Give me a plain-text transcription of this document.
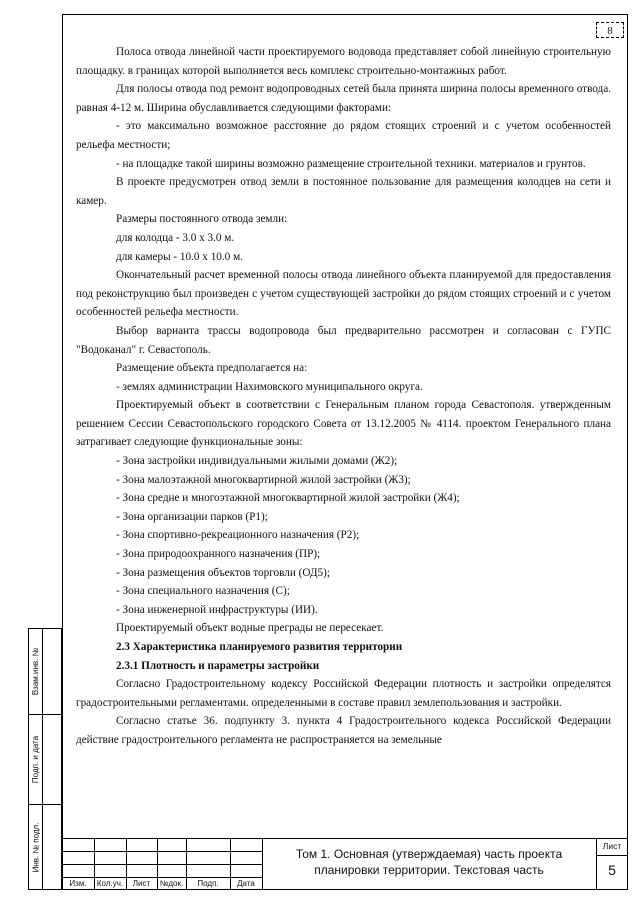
8

Полоса отвода линейной части проектируемого водовода представляет собой линейную строительную площадку. в границах которой выполняется весь комплекс строительно-монтажных работ.

Для полосы отвода под ремонт водопроводных сетей была принята ширина полосы временного отвода. равная 4-12 м. Ширина обуславливается следующими факторами:

- это максимально возможное расстояние до рядом стоящих строений и с учетом особенностей рельефа местности;

- на площадке такой ширины возможно размещение строительной техники. материалов и грунтов.

В проекте предусмотрен отвод земли в постоянное пользование для размещения колодцев на сети и камер.

Размеры постоянного отвода земли:

для колодца - 3.0 х 3.0 м.

для камеры - 10.0 х 10.0 м.

Окончательный расчет временной полосы отвода линейного объекта планируемой для предоставления под реконструкцию был произведен с учетом существующей застройки до рядом стоящих строений и с учетом особенностей рельефа местности.

Выбор варианта трассы водопровода был предварительно рассмотрен и согласован с ГУПС "Водоканал" г. Севастополь.

Размещение объекта предполагается на:

- землях администрации Нахимовского муниципального округа.

Проектируемый объект в соответствии с Генеральным планом города Севастополя. утвержденным решением Сессии Севастопольского городского Совета от 13.12.2005 № 4114. проектом Генерального плана затрагивает следующие функциональные зоны:

- Зона застройки индивидуальными жилыми домами (Ж2);

- Зона малоэтажной многоквартирной жилой застройки (Ж3);

- Зона средне и многоэтажной многоквартирной жилой застройки (Ж4);

- Зона организации парков (Р1);

- Зона спортивно-рекреационного назначения (Р2);

- Зона природоохранного назначения (ПР);

- Зона размещения объектов торговли (ОД5);

- Зона специального назначения (С);

- Зона инженерной инфраструктуры (ИИ).

Проектируемый объект водные преграды не пересекает.

2.3 Характеристика планируемого развития территории

2.3.1 Плотность и параметры застройки

Согласно Градостроительному кодексу Российской Федерации плотность и застройки определятся градостроительными регламентами. определенными в составе правил землепользования и застройки.

Согласно статье 36. подпункту 3. пункта 4 Градостроительного кодекса Российской Федерации действие градостроительного регламента не распространяется на земельные

Взам.инв. №
Подп. и дата
Инв. № подл.
Изм.	Кол.уч.	Лист	№док.	Подп.	Дата
Том 1. Основная (утверждаемая) часть проекта планировки территории. Текстовая часть
Лист
5
